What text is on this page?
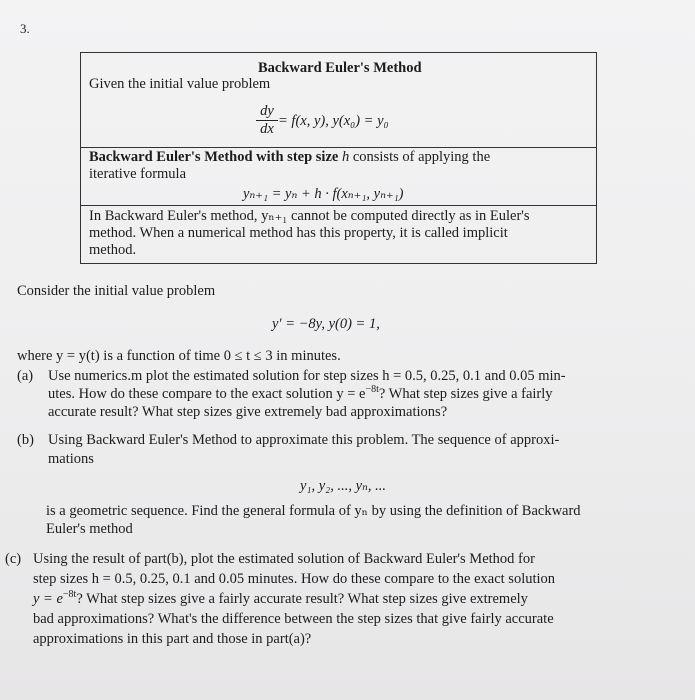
3.
Backward Euler's Method
Given the initial value problem
dy
dx = f(x, y), y(x₀) = y₀
Backward Euler's Method with step size h consists of applying the
iterative formula
yₙ₊₁ = yₙ + h · f(xₙ₊₁, yₙ₊₁)
In Backward Euler's method, yₙ₊₁ cannot be computed directly as in Euler's
method. When a numerical method has this property, it is called implicit
method.
Consider the initial value problem
y′ = −8y, y(0) = 1,
where y = y(t) is a function of time 0 ≤ t ≤ 3 in minutes.
(a) Use numerics.m plot the estimated solution for step sizes h = 0.5, 0.25, 0.1 and 0.05 min-
utes. How do these compare to the exact solution $y = e^{-8t}$? What step sizes give a fairly
accurate result? What step sizes give extremely bad approximations?
(b) Using Backward Euler's Method to approximate this problem. The sequence of approxi-
mations
y₁, y₂, ..., yₙ, ...
is a geometric sequence. Find the general formula of yₙ by using the definition of Backward
Euler's method
(c) Using the result of part(b), plot the estimated solution of Backward Euler's Method for
step sizes h = 0.5, 0.25, 0.1 and 0.05 minutes. How do these compare to the exact solution
$y = e^{-8t}$? What step sizes give a fairly accurate result? What step sizes give extremely
bad approximations? What's the difference between the step sizes that give fairly accurate
approximations in this part and those in part(a)?
